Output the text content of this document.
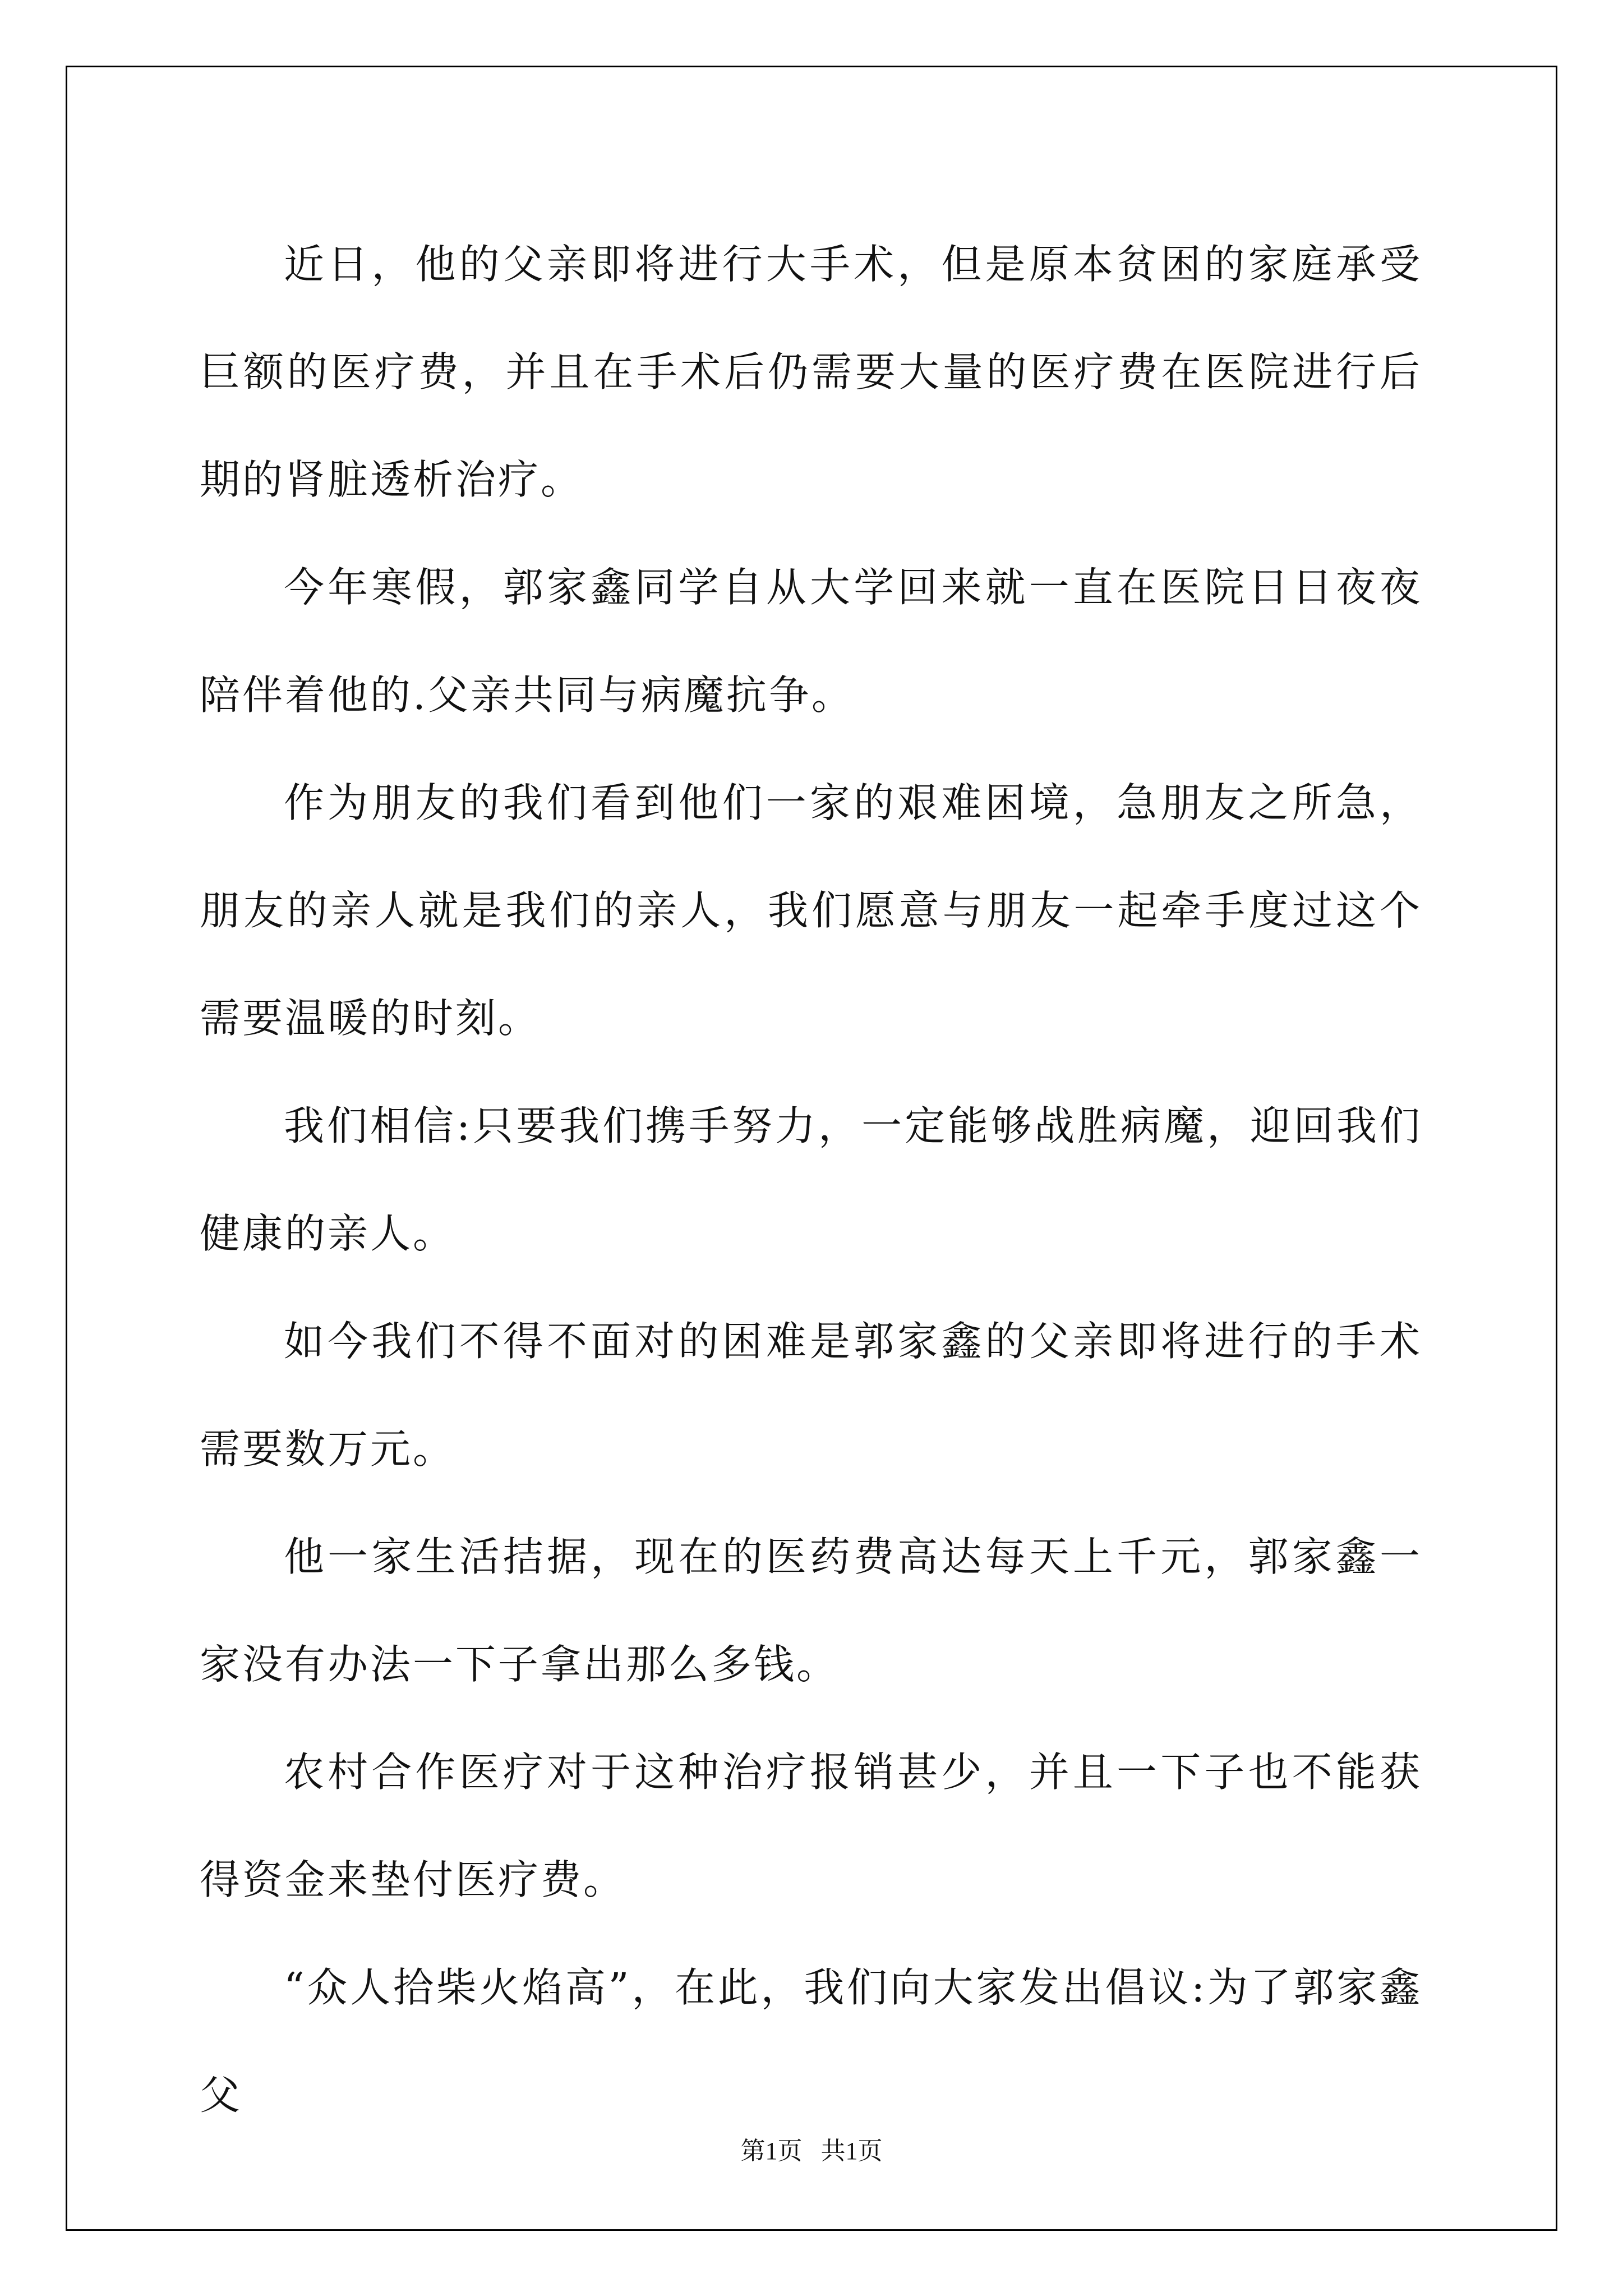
近日，他的父亲即将进行大手术，但是原本贫困的家庭承受巨额的医疗费，并且在手术后仍需要大量的医疗费在医院进行后期的肾脏透析治疗。

今年寒假，郭家鑫同学自从大学回来就一直在医院日日夜夜陪伴着他的.父亲共同与病魔抗争。

作为朋友的我们看到他们一家的艰难困境，急朋友之所急，朋友的亲人就是我们的亲人，我们愿意与朋友一起牵手度过这个需要温暖的时刻。

我们相信:只要我们携手努力，一定能够战胜病魔，迎回我们健康的亲人。

如今我们不得不面对的困难是郭家鑫的父亲即将进行的手术需要数万元。

他一家生活拮据，现在的医药费高达每天上千元，郭家鑫一家没有办法一下子拿出那么多钱。

农村合作医疗对于这种治疗报销甚少，并且一下子也不能获得资金来垫付医疗费。

“众人拾柴火焰高”，在此，我们向大家发出倡议:为了郭家鑫父

第1页   共1页
